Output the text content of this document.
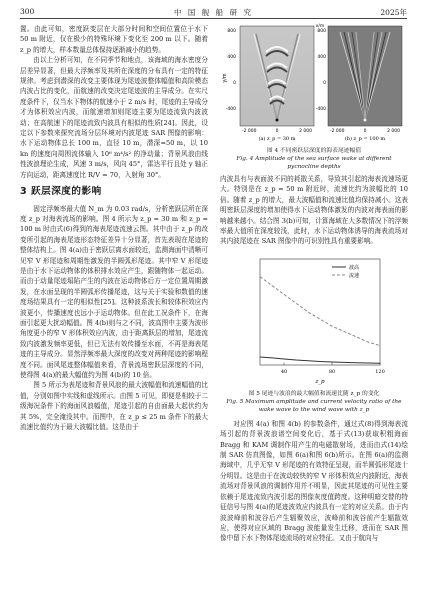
300	中 国 舰 船 研 究	2025年

置。由此可知，密度跃变层在大部分时间和空间位置位于水下 50 m 附近，仅在极少的特殊环境下变化至 200 m 以下。随着 z_p 的增大，样本数量总体保持逐渐减小的趋势。

由以上分析可知，在不同季节和地点，该海域的海水密度分层差异显著，但最大浮频率及其所在深度的分布具有一定的特征规律。考虑到潜深的改变主要体现为尾迹波整体幅值和高阶模态内波占比的变化，而航速的改变决定尾迹波的主导成分。在实尺度条件下，仅当水下物体的航速小于 2 m/s 时，尾迹的主导成分才为体积效应内波，而航速增加则尾迹主要为尾迹流致内波波动；在高航速下的尾迹流致内波具有相似的性质[24]。因此，设定以下参数来探究流场分层环境对内波尾迹 SAR 图像的影响：水下运动物体总长 100 m，直径 10 m，潜深=50 m，以 10 kn 的速度向周围流体输入 10⁶ m⁴/s² 的净动量；背景风浪由线性波浪理论生成，风速 3 m/s，风向 45°，雷达平行且处 y 轴正方向运动，距离速度比 R/V = 70，入射角 30°。

3 跃层深度的影响

固定浮频率最大值 N_m 为 0.03 rad/s，分析密跃层所在深度 z_p 对海表流场的影响。图 4 所示为 z_p = 30 m 和 z_p = 100 m 时由式(6)得到的海表尾迹流速云图。其中由于 z_p 的改变所引起的海表尾迹形态特征差异十分显著，首先表现在尾迹的整体结构上。图 4(a)由于密跃层离水面较近，监测海面中清晰可见窄 V 形尾迹和周期性激发的半圆弧形尾迹。其中窄 V 形尾迹是由于水下运动物体的体积排水效应产生，跟随物体一起运动。而由于动量尾迹塌陷产生的内波在运动物体后方一定位置周期激发，在水面呈现的半圆弧形传播尾迹，这与关于实验和数值的速度场结果具有一定的相似性[25]。这种波系波长和较体积效应内波更小，传播速度也远小于运动物体。但在此工况条件下，在海面引起更大扰动幅值。图 4(b)则与之不同，波高图中主要为波形角度更小的窄 V 形体积效应内波，由于距离跃层的增加，尾迹流致内波激发频率更低，但已无法有效传播至水面，不再是海表尾迹的主导成分。显然浮频率最大深度的改变对两种尾迹的影响程度不同。面风尾迹整体幅值来看，背景流场密跃层深度的不同，使得图 4(a)的最大幅值约为图 4(b)的 10 倍。

图 5 所示为表尾迹和背景风浪的最大波幅值和流速幅值的比值，分别如图中实线和虚线所示。由图 5 可见，即便是相较于二级海况条件下的海面风浪幅值，尾迹引起的自由面最大起伏约为其 5%，完全淹没其中。而图中，在 z_p ≤ 25 m 条件下的最大流速比值约为于最大波幅比值。这是由于

800
400
0
-400
y/m
-2 000	0	2 000
(a) z_p = 30 m
800
400
0
-400
-2 000	0	2 000
(b) z_p = 100 m
x/m
图 4 不同密跃层深度的海表尾迹幅值
Fig. 4 Amplitude of the sea surface wake at different pycnocline depths

内波具有与表面波不同的耗散关系，导致其引起的海表流速场更大。特别是在 z_p = 50 m 附近时，流速比约为波幅比的 10 倍。随着 z_p 的增大，最大波幅值和流速比值均保持减小。这表明密跃层深度的增加使得水下运动物体激发的内波对海表面的影响越来越小。结合图 3(b)可知，计算海域在大多数情况下的浮频率最大值所在深度较浅，此时，水下运动物体诱导的海表流场对其内波尾迹在 SAR 图像中的可识别性具有重要影响。

波高
流速
40	80	120
z_p
图 5 尾迹与波浪的最大幅值和流速比随 z_p 的变化
Fig. 5 Maximum amplitude and current velocity ratio of the wake wave to the wind wave with z_p

对应图 4(a) 和图 4(b) 的参数条件，通过式(8)得到海表流场引起的背景波浪谱空间变化后，基于式(13)获取积粗海面 Bragg 和 KAM 调制作用产生的电磁散射场，进而由式(14)绘制 SAR 仿真图像，如图 6(a)和图 6(b)所示。在图 6(a)的监测海域中，几乎无窄 V 形尾迹的有效特征呈现，而半圆弧形尾迹十分明显。这是由于在波动较快的窄 V 形体积效应内波附近，海表流场对背景风浪的调制作用并不明显，因此其尾迹的可见性主要依赖于尾迹流致内波引起的图像灰度值跨度。这种明暗交替的特征信号与图 4(a)的尾迹波效应内波具有一定的对应关系。由于内波波峰前和波谷后产生辐聚效应，波峰前和波谷前产生辐散效应，使得对应区域的 Bragg 波能量发生迁移，进而在 SAR 图像中留下水下物体尾迹流场的对应特征。又由于航向与
